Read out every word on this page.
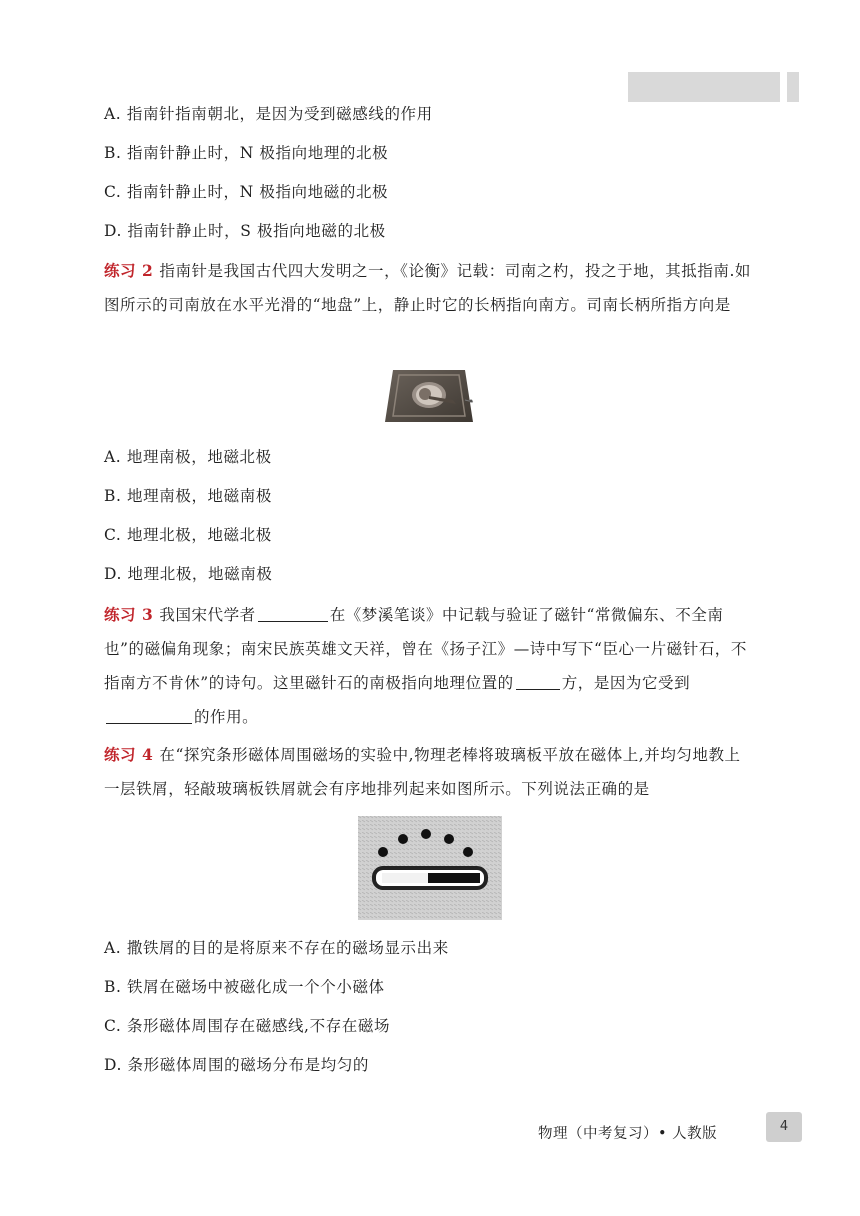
A. 指南针指南朝北，是因为受到磁感线的作用
B. 指南针静止时，N 极指向地理的北极
C. 指南针静止时，N 极指向地磁的北极
D. 指南针静止时，S 极指向地磁的北极
练习 2 指南针是我国古代四大发明之一，《论衡》记载：司南之杓，投之于地，其抵指南.如图所示的司南放在水平光滑的“地盘”上，静止时它的长柄指向南方。司南长柄所指方向是
A. 地理南极，地磁北极
B. 地理南极，地磁南极
C. 地理北极，地磁北极
D. 地理北极，地磁南极
练习 3 我国宋代学者	在《梦溪笔谈》中记载与验证了磁针“常微偏东、不全南也”的磁偏角现象；南宋民族英雄文天祥，曾在《扬子江》—诗中写下“臣心一片磁针石，不指南方不肯休”的诗句。这里磁针石的南极指向地理位置的	方，是因为它受到的作用。
练习 4 在“探究条形磁体周围磁场的实验中,物理老棒将玻璃板平放在磁体上,并均匀地教上一层铁屑，轻敲玻璃板铁屑就会有序地排列起来如图所示。下列说法正确的是
A. 撒铁屑的目的是将原来不存在的磁场显示出来
B. 铁屑在磁场中被磁化成一个个小磁体
C. 条形磁体周围存在磁感线,不存在磁场
D. 条形磁体周围的磁场分布是均匀的
物理（中考复习）• 人教版	4
